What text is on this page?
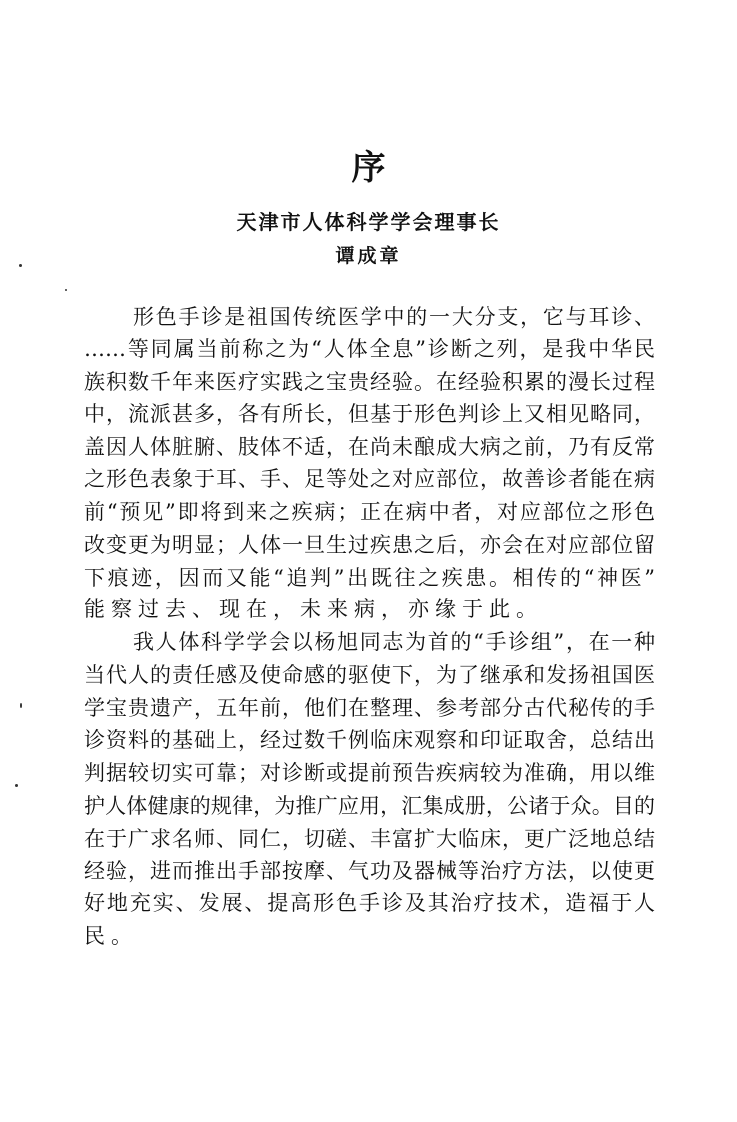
序
天津市人体科学学会理事长
谭成章
形色手诊是祖国传统医学中的一大分支，它与耳诊、
……等同属当前称之为“人体全息”诊断之列，是我中华民
族积数千年来医疗实践之宝贵经验。在经验积累的漫长过程
中，流派甚多，各有所长，但基于形色判诊上又相见略同，
盖因人体脏腑、肢体不适，在尚未酿成大病之前，乃有反常
之形色表象于耳、手、足等处之对应部位，故善诊者能在病
前“预见”即将到来之疾病；正在病中者，对应部位之形色
改变更为明显；人体一旦生过疾患之后，亦会在对应部位留
下痕迹，因而又能“追判”出既往之疾患。相传的“神医”
能察过去、现在，未来病，亦缘于此。
我人体科学学会以杨旭同志为首的“手诊组”，在一种
当代人的责任感及使命感的驱使下，为了继承和发扬祖国医
学宝贵遗产，五年前，他们在整理、参考部分古代秘传的手
诊资料的基础上，经过数千例临床观察和印证取舍，总结出
判据较切实可靠；对诊断或提前预告疾病较为准确，用以维
护人体健康的规律，为推广应用，汇集成册，公诸于众。目的
在于广求名师、同仁，切磋、丰富扩大临床，更广泛地总结
经验，进而推出手部按摩、气功及器械等治疗方法，以使更
好地充实、发展、提高形色手诊及其治疗技术，造福于人
民。
